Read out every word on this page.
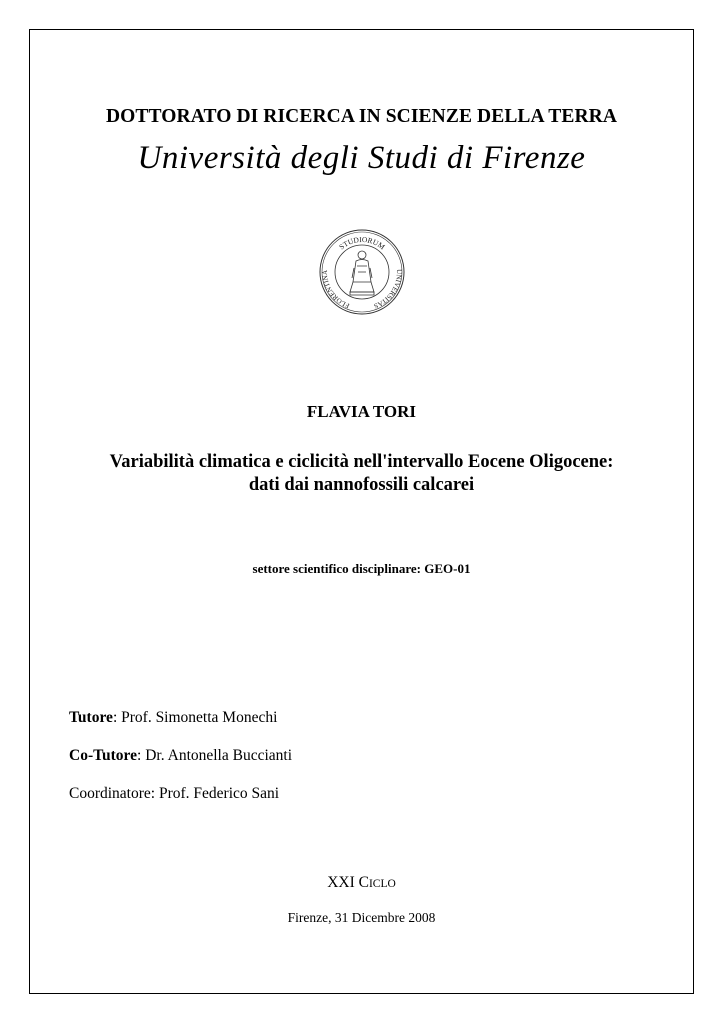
DOTTORATO DI RICERCA IN SCIENZE DELLA TERRA
Università degli Studi di Firenze
STUDIORUM
FLORENTINA	UNIVERSITAS
FLAVIA TORI
Variabilità climatica e ciclicità nell'intervallo Eocene Oligocene:
dati dai nannofossili calcarei
settore scientifico disciplinare: GEO-01
Tutore: Prof. Simonetta Monechi
Co-Tutore: Dr. Antonella Buccianti
Coordinatore: Prof. Federico Sani
XXI CICLO
Firenze, 31 Dicembre 2008
